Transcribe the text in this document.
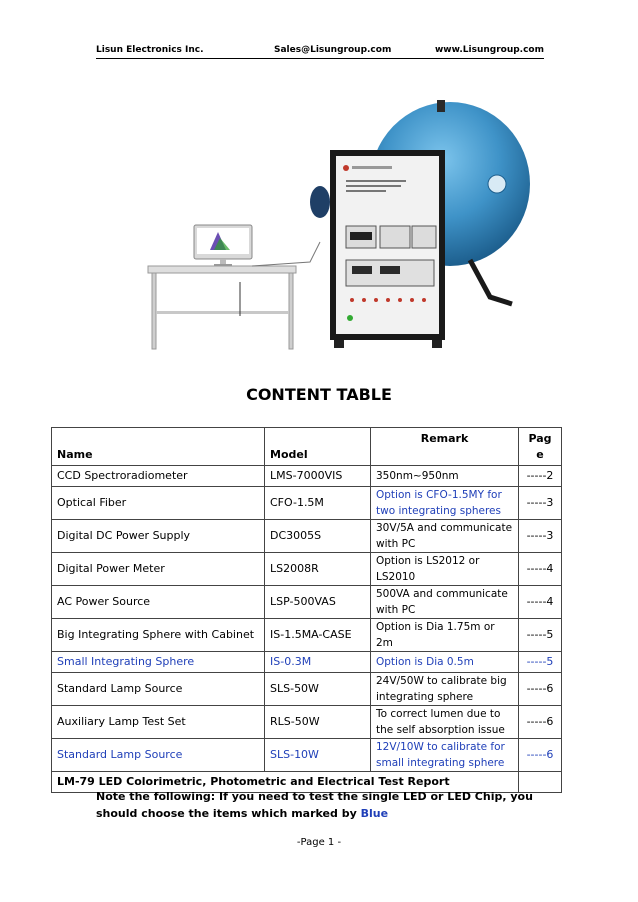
Lisun Electronics Inc.	Sales@Lisungroup.com	www.Lisungroup.com
CONTENT TABLE
Name	Model	Remark	Pag
e
CCD Spectroradiometer	LMS-7000VIS	350nm~950nm	-----2
Optical Fiber	CFO-1.5M	Option is CFO-1.5MY for
two integrating spheres	-----3
Digital DC Power Supply	DC3005S	30V/5A and communicate
with PC	-----3
Digital Power Meter	LS2008R	Option is LS2012 or
LS2010	-----4
AC Power Source	LSP-500VAS	500VA and communicate
with PC	-----4
Big Integrating Sphere with Cabinet	IS-1.5MA-CASE	Option is Dia 1.75m or 2m	-----5
Small Integrating Sphere	IS-0.3M	Option is Dia 0.5m	-----5
Standard Lamp Source	SLS-50W	24V/50W to calibrate big
integrating sphere	-----6
Auxiliary Lamp Test Set	RLS-50W	To correct lumen due to
the self absorption issue	-----6
Standard Lamp Source	SLS-10W	12V/10W to calibrate for
small integrating sphere	-----6
LM-79 LED Colorimetric, Photometric and Electrical Test Report			
Note the following: If you need to test the single LED or LED Chip, you should choose the items which marked by Blue
-Page 1 -
